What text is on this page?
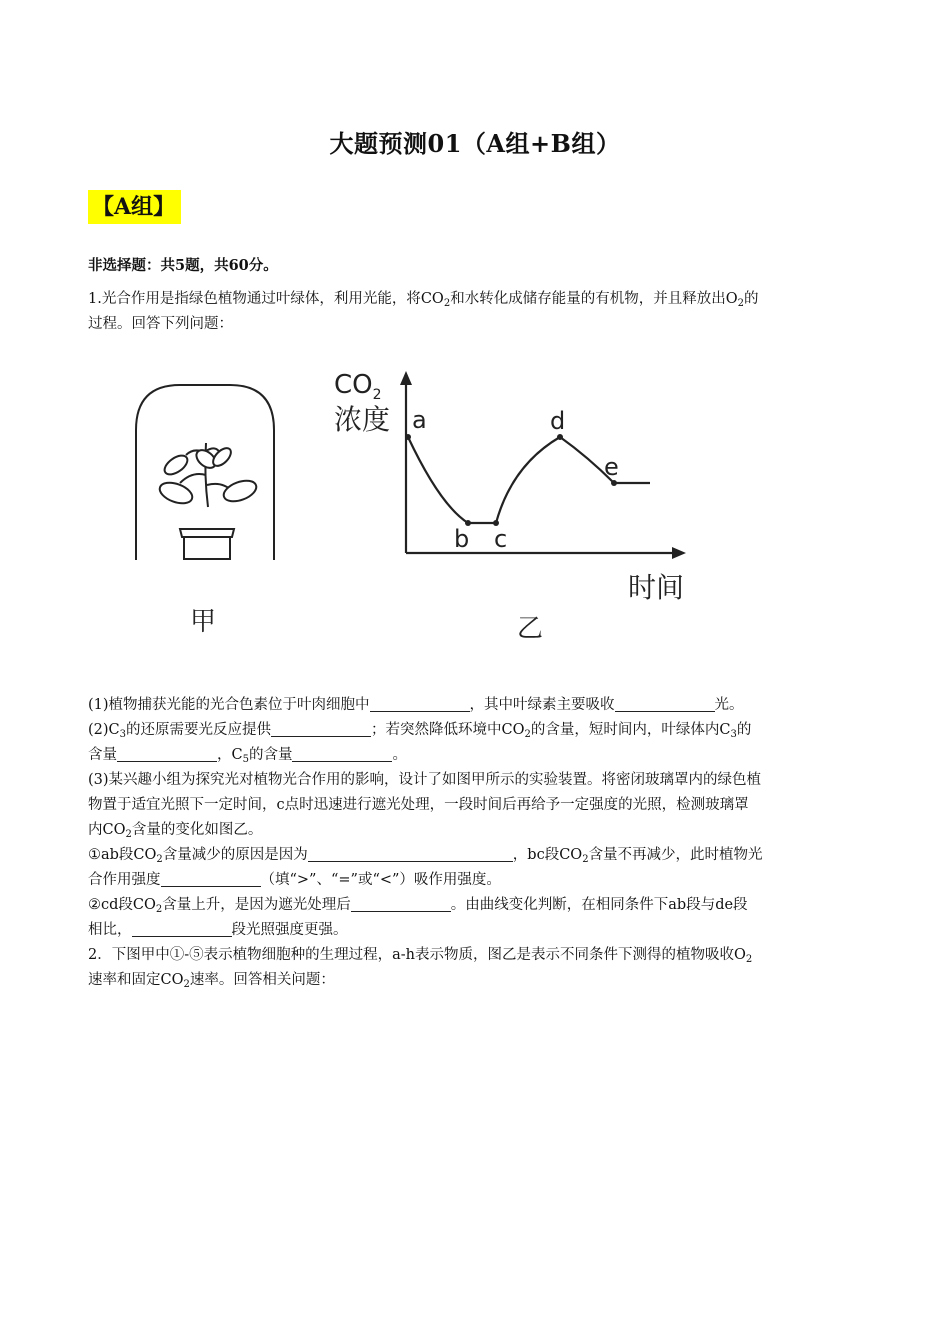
大题预测01（A组+B组）
【A组】
非选择题：共5题，共60分。
1.光合作用是指绿色植物通过叶绿体，利用光能，将$CO_2$和水转化成储存能量的有机物，并且释放出$O_2$的
过程。回答下列问题：
甲
$CO_2$
浓度
时间
a
b c
d
e
乙
(1)植物捕获光能的光合色素位于叶肉细胞中	，其中叶绿素主要吸收	光。
$(2)C_3$的还原需要光反应提供	；若突然降低环境中$CO_2$的含量，短时间内，叶绿体内$C_3$的
含量	，$C_5$的含量	。
(3)某兴趣小组为探究光对植物光合作用的影响，设计了如图甲所示的实验装置。将密闭玻璃罩内的绿色植
物置于适宜光照下一定时间，c点时迅速进行遮光处理，一段时间后再给予一定强度的光照，检测玻璃罩
内$CO_2$含量的变化如图乙。
①ab段$CO_2$含量减少的原因是因为	，bc段$CO_2$含量不再减少，此时植物光
合作用强度	（填“>”、“=”或“<”）吸作用强度。
②cd段$CO_2$含量上升，是因为遮光处理后	。由曲线变化判断，在相同条件下ab段与de段
相比，	段光照强度更强。
2．下图甲中①-⑤表示植物细胞种的生理过程，a-h表示物质，图乙是表示不同条件下测得的植物吸收$O_2$
速率和固定$CO_2$速率。回答相关问题：
